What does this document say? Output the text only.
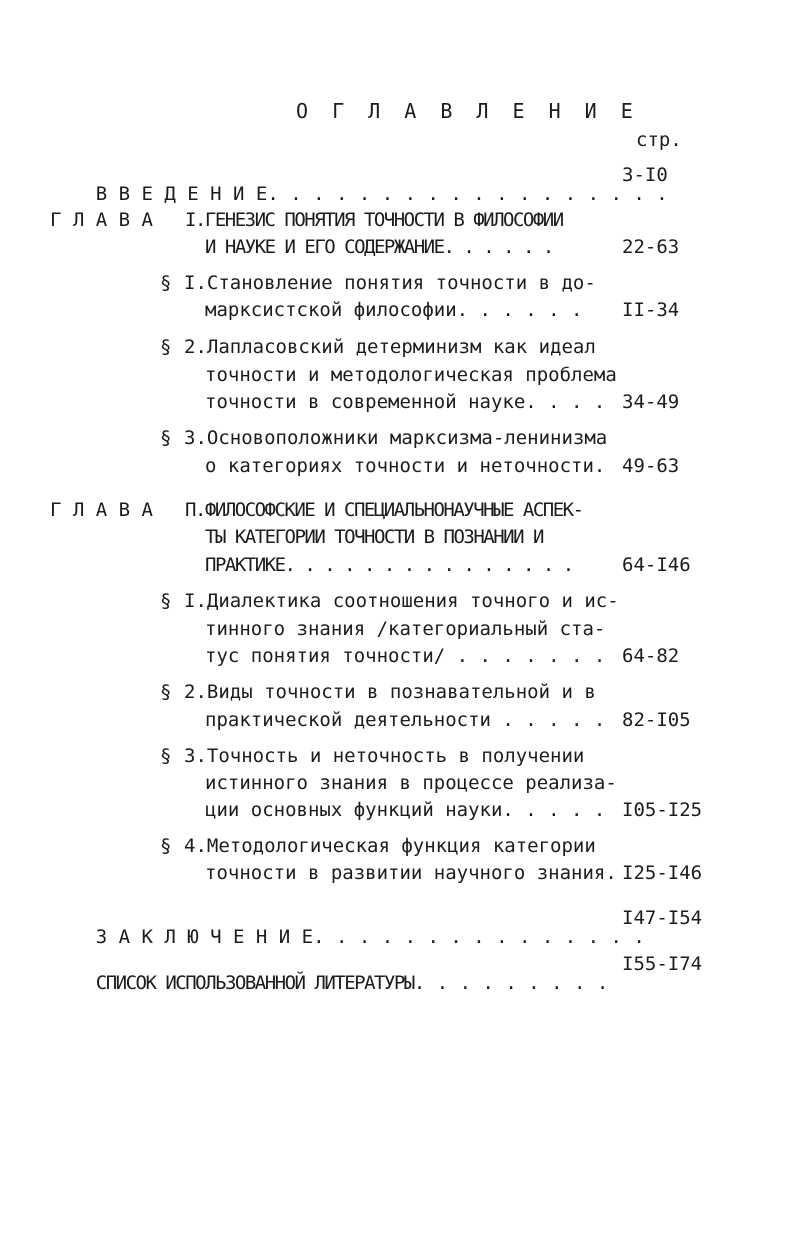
О Г Л А В Л Е Н И Е
стр.

В В Е Д Е Н И Е. . . . . . . . . . . . . . . . . .

3-I0
Г Л А В А I.ГЕНЕЗИС ПОНЯТИЯ ТОЧНОСТИ В ФИЛОСОФИИ
И НАУКЕ И ЕГО СОДЕРЖАНИЕ. . . . . .	22-63
§ I.Становление понятия точности в до-
марксистской философии. . . . . . II-34
§ 2.Лапласовский детерминизм как идеал
точности и методологическая проблема
точности в современной науке. . . . 34-49
§ 3.Основоположники марксизма-ленинизма
о категориях точности и неточности. 49-63
Г Л А В А П.ФИЛОСОФСКИЕ И СПЕЦИАЛЬНОНАУЧНЫЕ АСПЕК-
ТЫ КАТЕГОРИИ ТОЧНОСТИ В ПОЗНАНИИ И
ПРАКТИКЕ. . . . . . . . . . . . . . .	64-I46
§ I.Диалектика соотношения точного и ис-
тинного знания /категориальный ста-
тус понятия точности/ . . . . . . . 64-82
§ 2.Виды точности в познавательной и в
практической деятельности . . . . . 82-I05
§ 3.Точность и неточность в получении
истинного знания в процессе реализа-
ции основных функций науки. . . . . I05-I25
§ 4.Методологическая функция категории
точности в развитии научного знания. I25-I46

З А К Л Ю Ч Е Н И Е. . . . . . . . . . . . . . .

I47-I54

СПИСОК ИСПОЛЬЗОВАННОЙ ЛИТЕРАТУРЫ. . . . . . . . .

I55-I74
